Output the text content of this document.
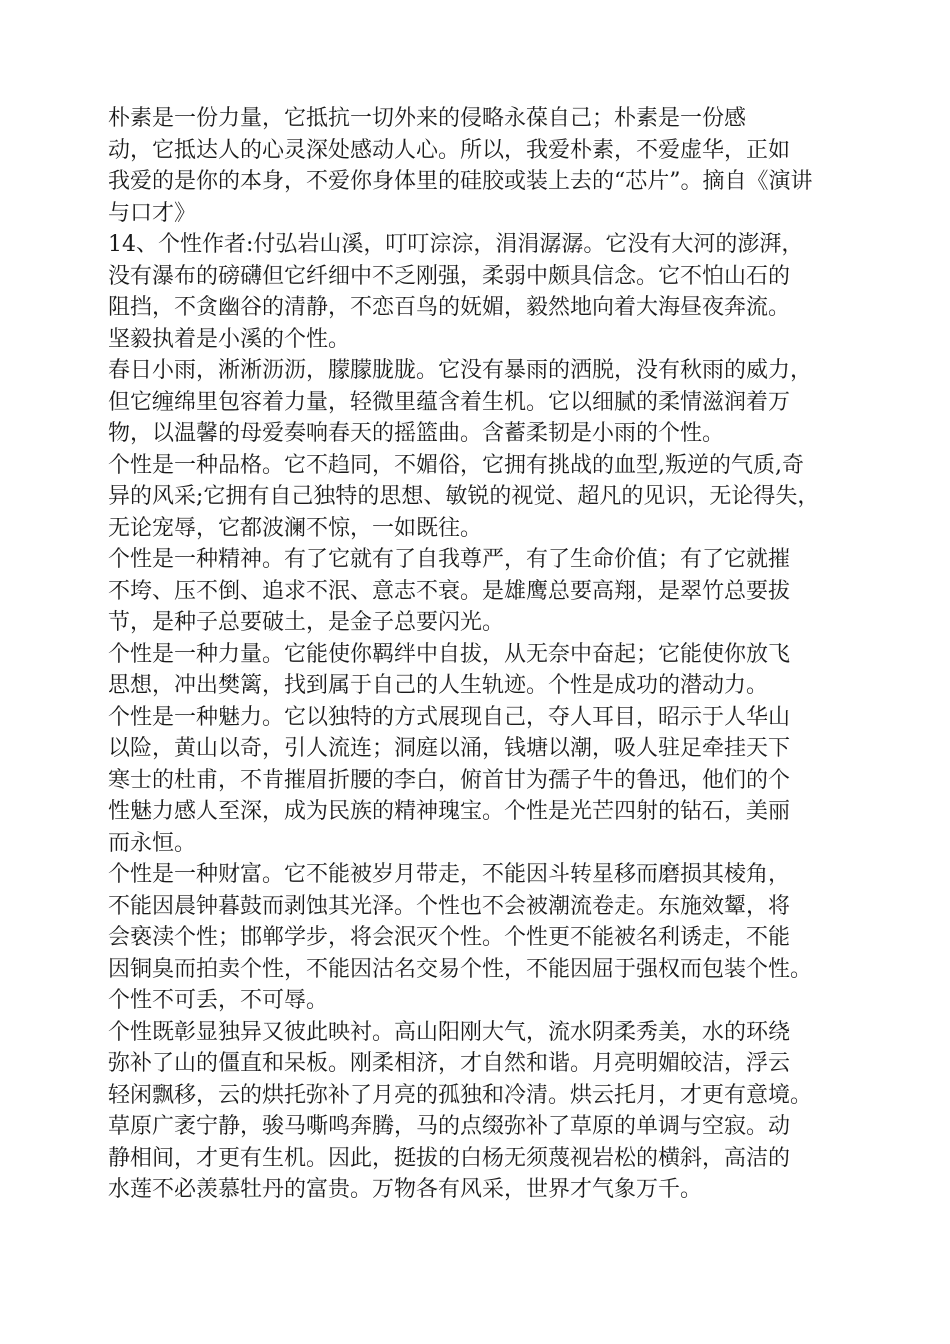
朴素是一份力量，它抵抗一切外来的侵略永葆自己；朴素是一份感
动，它抵达人的心灵深处感动人心。所以，我爱朴素，不爱虚华，正如
我爱的是你的本身，不爱你身体里的硅胶或装上去的“芯片”。摘自《演讲
与口才》
14、个性作者:付弘岩山溪，叮叮淙淙，涓涓潺潺。它没有大河的澎湃，
没有瀑布的磅礴但它纤细中不乏刚强，柔弱中颇具信念。它不怕山石的
阻挡，不贪幽谷的清静，不恋百鸟的妩媚，毅然地向着大海昼夜奔流。
坚毅执着是小溪的个性。
春日小雨，淅淅沥沥，朦朦胧胧。它没有暴雨的洒脱，没有秋雨的威力，
但它缠绵里包容着力量，轻微里蕴含着生机。它以细腻的柔情滋润着万
物，以温馨的母爱奏响春天的摇篮曲。含蓄柔韧是小雨的个性。
个性是一种品格。它不趋同，不媚俗，它拥有挑战的血型,叛逆的气质,奇
异的风采;它拥有自己独特的思想、敏锐的视觉、超凡的见识，无论得失，
无论宠辱，它都波澜不惊，一如既往。
个性是一种精神。有了它就有了自我尊严，有了生命价值；有了它就摧
不垮、压不倒、追求不泯、意志不衰。是雄鹰总要高翔，是翠竹总要拔
节，是种子总要破土，是金子总要闪光。
个性是一种力量。它能使你羁绊中自拔，从无奈中奋起；它能使你放飞
思想，冲出樊篱，找到属于自己的人生轨迹。个性是成功的潜动力。
个性是一种魅力。它以独特的方式展现自己，夺人耳目，昭示于人华山
以险，黄山以奇，引人流连；洞庭以涌，钱塘以潮，吸人驻足牵挂天下
寒士的杜甫，不肯摧眉折腰的李白，俯首甘为孺子牛的鲁迅，他们的个
性魅力感人至深，成为民族的精神瑰宝。个性是光芒四射的钻石，美丽
而永恒。
个性是一种财富。它不能被岁月带走，不能因斗转星移而磨损其棱角，
不能因晨钟暮鼓而剥蚀其光泽。个性也不会被潮流卷走。东施效颦，将
会亵渎个性；邯郸学步，将会泯灭个性。个性更不能被名利诱走，不能
因铜臭而拍卖个性，不能因沽名交易个性，不能因屈于强权而包装个性。
个性不可丢，不可辱。
个性既彰显独异又彼此映衬。高山阳刚大气，流水阴柔秀美，水的环绕
弥补了山的僵直和呆板。刚柔相济，才自然和谐。月亮明媚皎洁，浮云
轻闲飘移，云的烘托弥补了月亮的孤独和冷清。烘云托月，才更有意境。
草原广袤宁静，骏马嘶鸣奔腾，马的点缀弥补了草原的单调与空寂。动
静相间，才更有生机。因此，挺拔的白杨无须蔑视岩松的横斜，高洁的
水莲不必羡慕牡丹的富贵。万物各有风采，世界才气象万千。
